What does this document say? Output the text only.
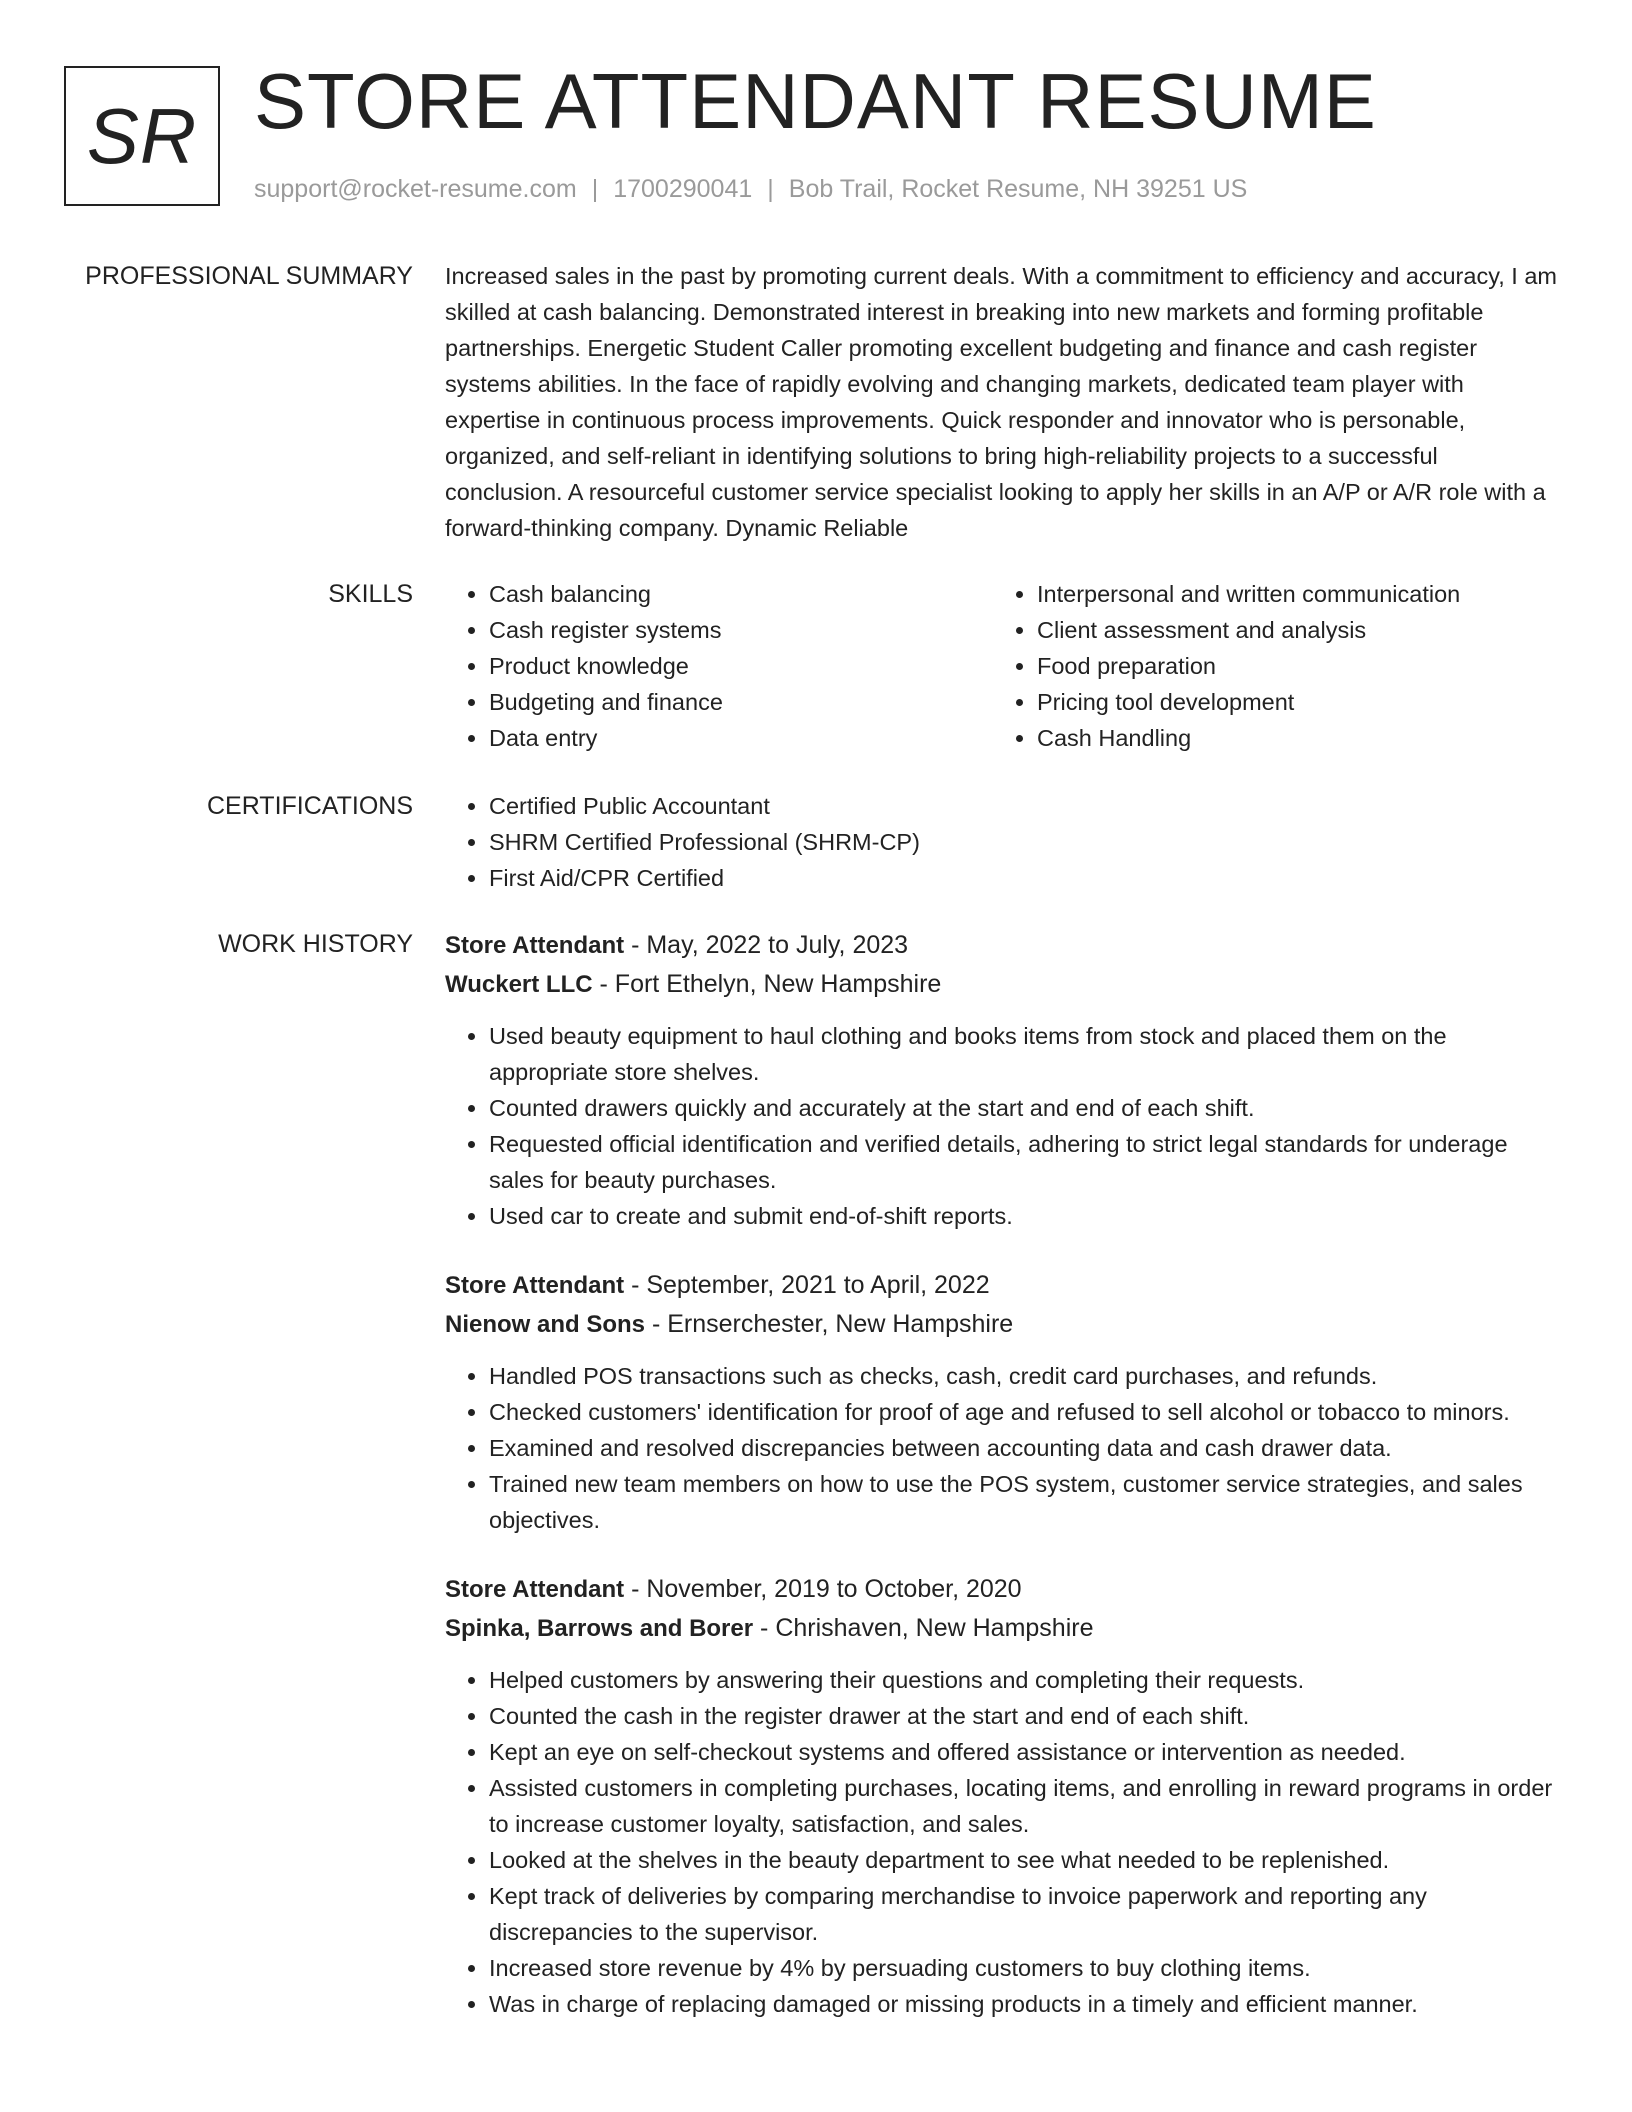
SR STORE ATTENDANT RESUME
support@rocket-resume.com | 1700290041 | Bob Trail, Rocket Resume, NH 39251 US
PROFESSIONAL SUMMARY Increased sales in the past by promoting current deals. With a commitment to efficiency and accuracy, I am skilled at cash balancing. Demonstrated interest in breaking into new markets and forming profitable partnerships. Energetic Student Caller promoting excellent budgeting and finance and cash register systems abilities. In the face of rapidly evolving and changing markets, dedicated team player with expertise in continuous process improvements. Quick responder and innovator who is personable, organized, and self-reliant in identifying solutions to bring high-reliability projects to a successful conclusion. A resourceful customer service specialist looking to apply her skills in an A/P or A/R role with a forward-thinking company. Dynamic Reliable

SKILLS	• Cash balancing
• Cash register systems
• Product knowledge
• Budgeting and finance
• Data entry
• Interpersonal and written communication
• Client assessment and analysis
• Food preparation
• Pricing tool development
• Cash Handling
CERTIFICATIONS	• Certified Public Accountant
• SHRM Certified Professional (SHRM-CP)
• First Aid/CPR Certified
WORK HISTORY Store Attendant - May, 2022 to July, 2023
Wuckert LLC - Fort Ethelyn, New Hampshire
• Used beauty equipment to haul clothing and books items from stock and placed them on the appropriate store shelves.
• Counted drawers quickly and accurately at the start and end of each shift.
• Requested official identification and verified details, adhering to strict legal standards for underage sales for beauty purchases.
• Used car to create and submit end-of-shift reports.
Store Attendant - September, 2021 to April, 2022
Nienow and Sons - Ernserchester, New Hampshire
• Handled POS transactions such as checks, cash, credit card purchases, and refunds.
• Checked customers' identification for proof of age and refused to sell alcohol or tobacco to minors.
• Examined and resolved discrepancies between accounting data and cash drawer data.
• Trained new team members on how to use the POS system, customer service strategies, and sales objectives.
Store Attendant - November, 2019 to October, 2020
Spinka, Barrows and Borer - Chrishaven, New Hampshire
• Helped customers by answering their questions and completing their requests.
• Counted the cash in the register drawer at the start and end of each shift.
• Kept an eye on self-checkout systems and offered assistance or intervention as needed.
• Assisted customers in completing purchases, locating items, and enrolling in reward programs in order to increase customer loyalty, satisfaction, and sales.
• Looked at the shelves in the beauty department to see what needed to be replenished.
• Kept track of deliveries by comparing merchandise to invoice paperwork and reporting any discrepancies to the supervisor.
• Increased store revenue by 4% by persuading customers to buy clothing items.
• Was in charge of replacing damaged or missing products in a timely and efficient manner.
